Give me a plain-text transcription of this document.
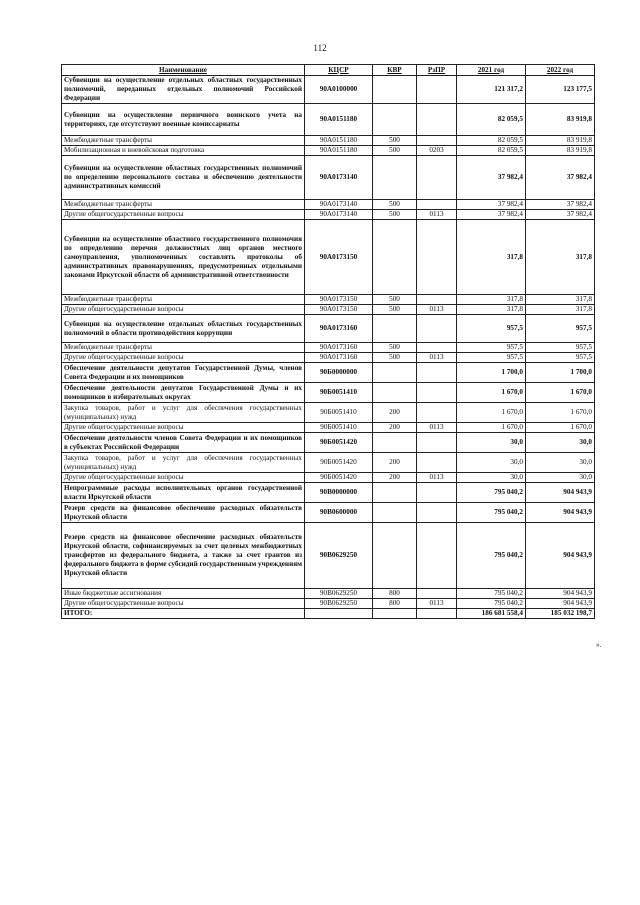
112
Наименование	КЦСР	КВР	РзПР	2021 год	2022 год
Субвенции на осуществление отдельных областных государственных полномочий, переданных отдельных полномочий Российской Федерации	90А0100000			121 317,2	123 177,5
Субвенции на осуществление первичного воинского учета на территориях, где отсутствуют военные комиссариаты	90А0151180			82 059,5	83 919,8
Межбюджетные трансферты	90А0151180	500		82 059,5	83 919,8
Мобилизационная и вневойсковая подготовка	90А0151180	500	0203	82 059,5	83 919,8
Субвенции на осуществление областных государственных полномочий по определению персонального состава и обеспечению деятельности административных комиссий	90А0173140			37 982,4	37 982,4
Межбюджетные трансферты	90А0173140	500		37 982,4	37 982,4
Другие общегосударственные вопросы	90А0173140	500	0113	37 982,4	37 982,4
Субвенции на осуществление областного государственного полномочия по определению перечня должностных лиц органов местного самоуправления, уполномоченных составлять протоколы об административных правонарушениях, предусмотренных отдельными законами Иркутской области об административной ответственности	90А0173150			317,8	317,8
Межбюджетные трансферты	90А0173150	500		317,8	317,8
Другие общегосударственные вопросы	90А0173150	500	0113	317,8	317,8
Субвенции на осуществление отдельных областных государственных полномочий в области противодействия коррупции	90А0173160			957,5	957,5
Межбюджетные трансферты	90А0173160	500		957,5	957,5
Другие общегосударственные вопросы	90А0173160	500	0113	957,5	957,5
Обеспечение деятельности депутатов Государственной Думы, членов Совета Федерации и их помощников	90Б0000000			1 700,0	1 700,0
Обеспечение деятельности депутатов Государственной Думы и их помощников в избирательных округах	90Б0051410			1 670,0	1 670,0
Закупка товаров, работ и услуг для обеспечения государственных (муниципальных) нужд	90Б0051410	200		1 670,0	1 670,0
Другие общегосударственные вопросы	90Б0051410	200	0113	1 670,0	1 670,0
Обеспечение деятельности членов Совета Федерации и их помощников в субъектах Российской Федерации	90Б0051420			30,0	30,0
Закупка товаров, работ и услуг для обеспечения государственных (муниципальных) нужд	90Б0051420	200		30,0	30,0
Другие общегосударственные вопросы	90Б0051420	200	0113	30,0	30,0
Непрограммные расходы исполнительных органов государственной власти Иркутской области	90В0000000			795 040,2	904 943,9
Резерв средств на финансовое обеспечение расходных обязательств Иркутской области	90В0600000			795 040,2	904 943,9
Резерв средств на финансовое обеспечение расходных обязательств Иркутской области, софинансируемых за счет целевых межбюджетных трансфертов из федерального бюджета, а также за счет грантов из федерального бюджета в форме субсидий государственным учреждениям Иркутской области	90В0629250			795 040,2	904 943,9
Иные бюджетные ассигнования	90В0629250	800		795 040,2	904 943,9
Другие общегосударственные вопросы	90В0629250	800	0113	795 040,2	904 943,9
ИТОГО:				186 681 558,4	185 032 198,7
».
